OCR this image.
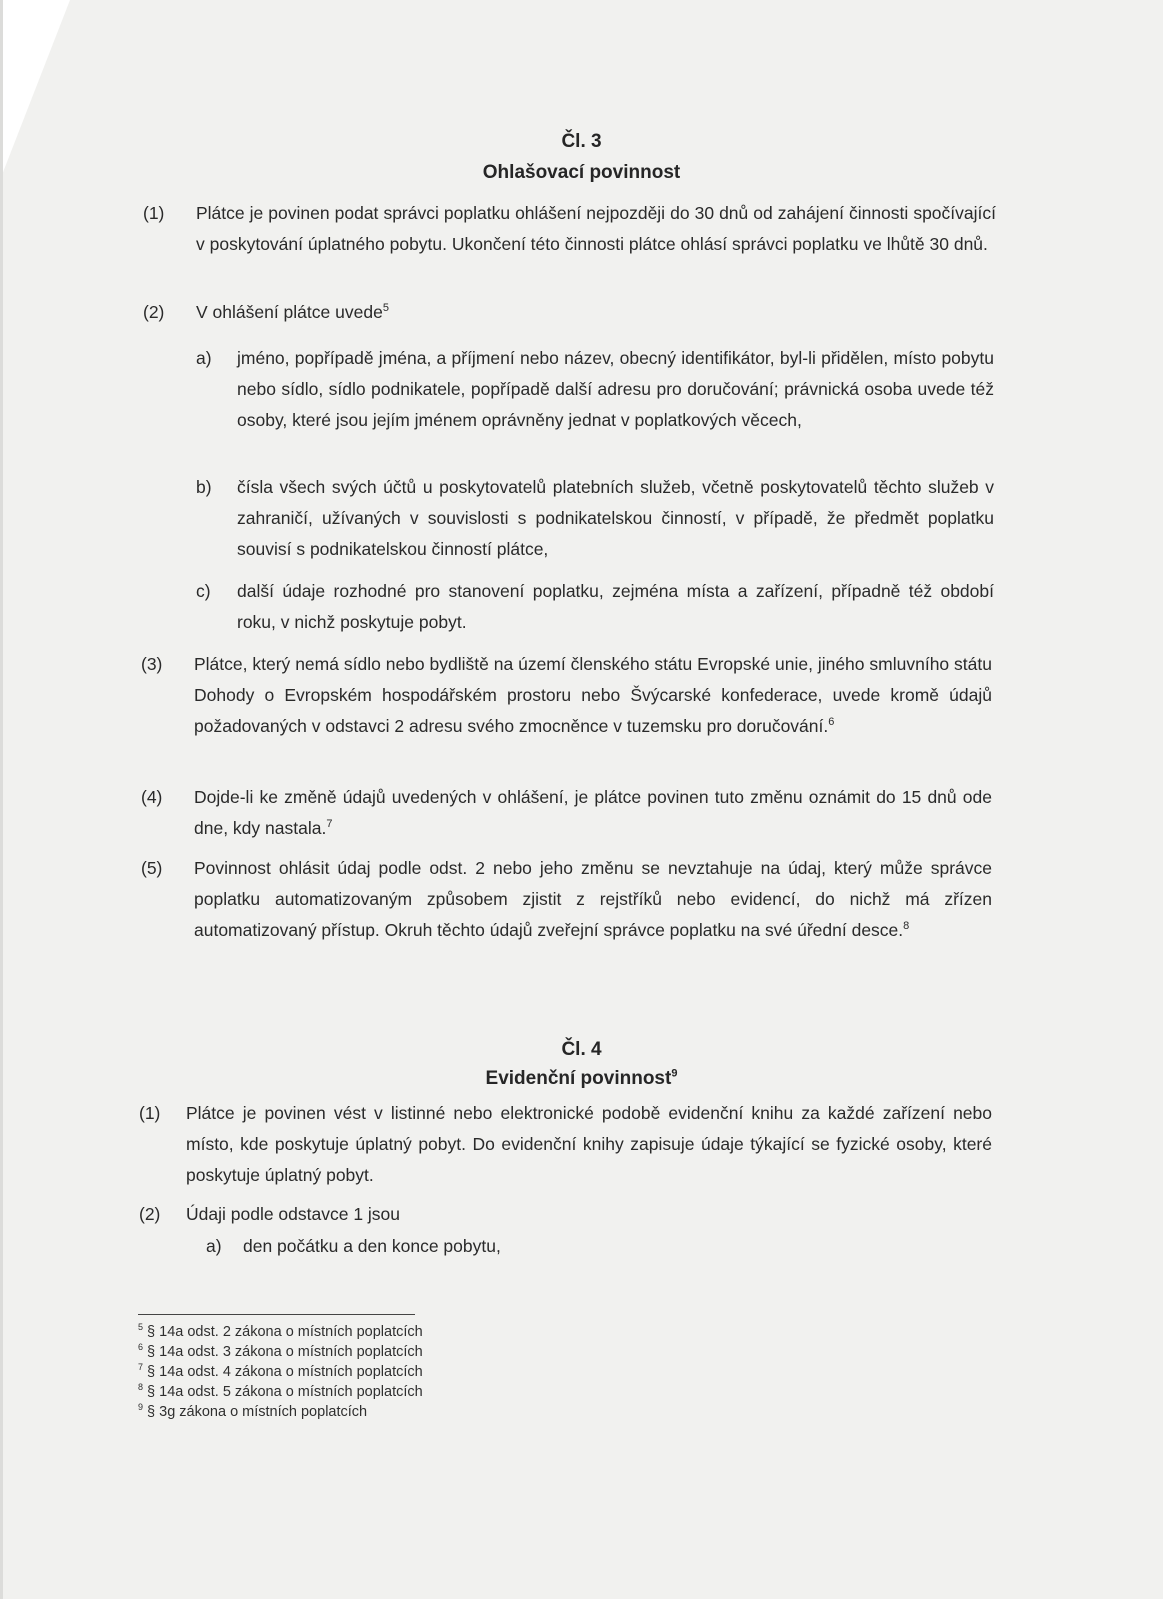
Čl. 3
Ohlašovací povinnost
(1) Plátce je povinen podat správci poplatku ohlášení nejpozději do 30 dnů od zahájení činnosti spočívající v poskytování úplatného pobytu. Ukončení této činnosti plátce ohlásí správci poplatku ve lhůtě 30 dnů.
(2) V ohlášení plátce uvede$^5$
a) jméno, popřípadě jména, a příjmení nebo název, obecný identifikátor, byl-li přidělen, místo pobytu nebo sídlo, sídlo podnikatele, popřípadě další adresu pro doručování; právnická osoba uvede též osoby, které jsou jejím jménem oprávněny jednat v poplatkových věcech,
b) čísla všech svých účtů u poskytovatelů platebních služeb, včetně poskytovatelů těchto služeb v zahraničí, užívaných v souvislosti s podnikatelskou činností, v případě, že předmět poplatku souvisí s podnikatelskou činností plátce,
c) další údaje rozhodné pro stanovení poplatku, zejména místa a zařízení, případně též období roku, v nichž poskytuje pobyt.
(3) Plátce, který nemá sídlo nebo bydliště na území členského státu Evropské unie, jiného smluvního státu Dohody o Evropském hospodářském prostoru nebo Švýcarské konfederace, uvede kromě údajů požadovaných v odstavci 2 adresu svého zmocněnce v tuzemsku pro doručování.$^6$
(4) Dojde-li ke změně údajů uvedených v ohlášení, je plátce povinen tuto změnu oznámit do 15 dnů ode dne, kdy nastala.$^7$
(5) Povinnost ohlásit údaj podle odst. 2 nebo jeho změnu se nevztahuje na údaj, který může správce poplatku automatizovaným způsobem zjistit z rejstříků nebo evidencí, do nichž má zřízen automatizovaný přístup. Okruh těchto údajů zveřejní správce poplatku na své úřední desce.$^8$
Čl. 4
Evidenční povinnost$^9$
(1) Plátce je povinen vést v listinné nebo elektronické podobě evidenční knihu za každé zařízení nebo místo, kde poskytuje úplatný pobyt. Do evidenční knihy zapisuje údaje týkající se fyzické osoby, které poskytuje úplatný pobyt.
(2) Údaji podle odstavce 1 jsou
a) den počátku a den konce pobytu,
$^5$ § 14a odst. 2 zákona o místních poplatcích
$^6$ § 14a odst. 3 zákona o místních poplatcích
$^7$ § 14a odst. 4 zákona o místních poplatcích
$^8$ § 14a odst. 5 zákona o místních poplatcích
$^9$ § 3g zákona o místních poplatcích
